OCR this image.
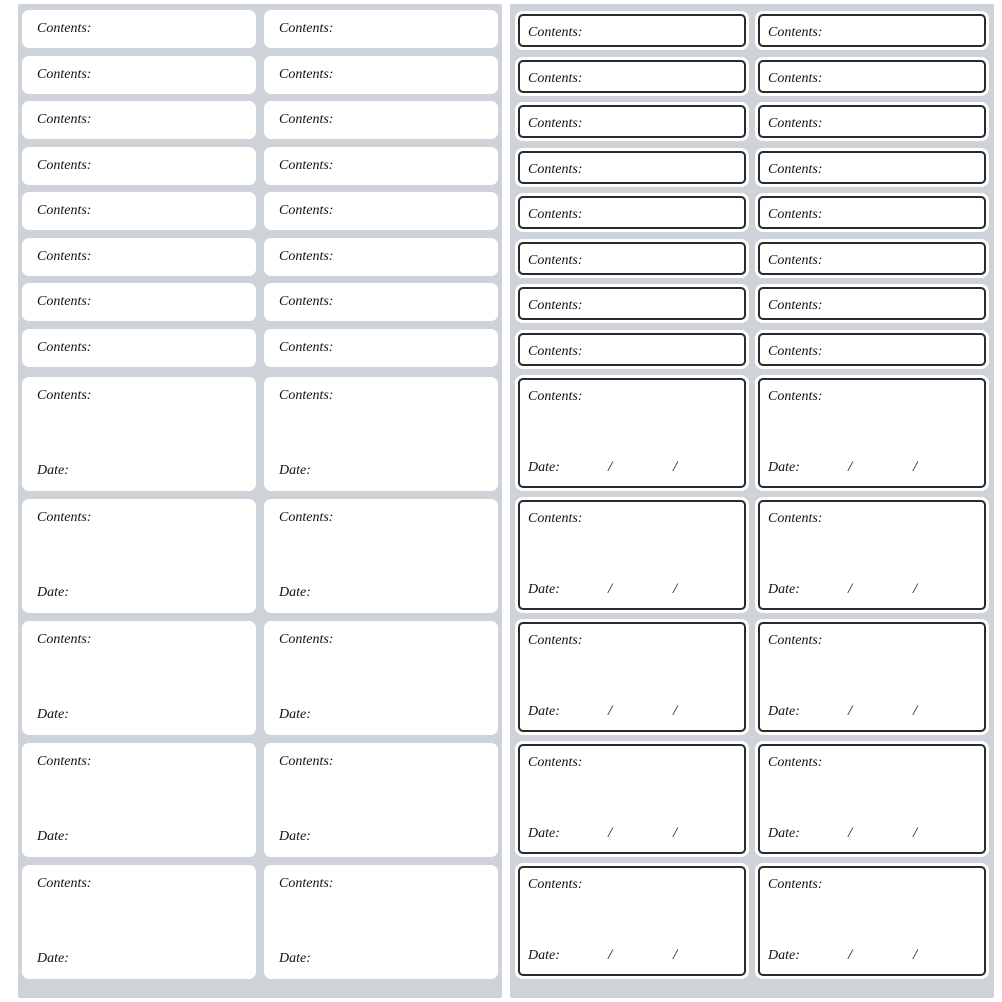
Contents:	Contents:
Contents:	Contents:
Contents:	Contents:
Contents:	Contents:
Contents:	Contents:
Contents:	Contents:
Contents:	Contents:
Contents:	Contents:
Contents:
Date:
Contents:
Date:
Contents:
Date:
Contents:
Date:
Contents:
Date:
Contents:
Date:
Contents:
Date:
Contents:
Date:
Contents:
Date:
Contents:
Date:
Contents:	Contents:
Contents:	Contents:
Contents:	Contents:
Contents:	Contents:
Contents:	Contents:
Contents:	Contents:
Contents:	Contents:
Contents:	Contents:
Contents:
Date:	/	/
Contents:
Date:	/	/
Contents:
Date:	/	/
Contents:
Date:	/	/
Contents:
Date:	/	/
Contents:
Date:	/	/
Contents:
Date:	/	/
Contents:
Date:	/	/
Contents:
Date:	/	/
Contents:
Date:	/	/
